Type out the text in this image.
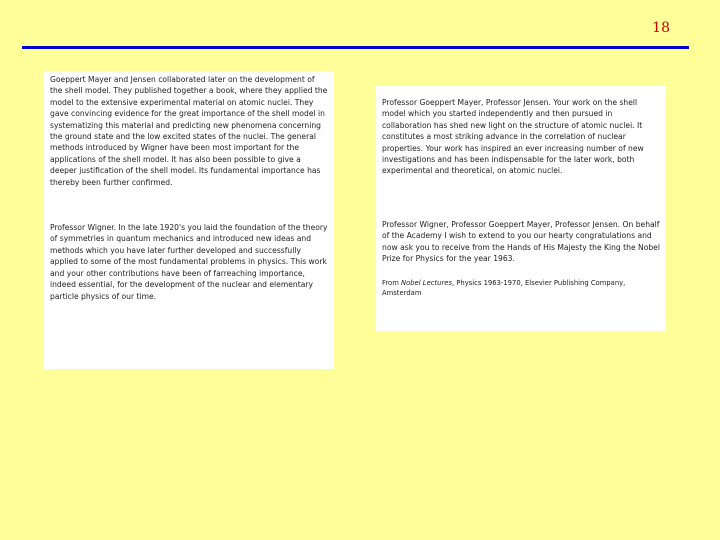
18

Goeppert Mayer and Jensen collaborated later on the development of the shell model. They published together a book, where they applied the model to the extensive experimental material on atomic nuclei. They gave convincing evidence for the great importance of the shell model in systematizing this material and predicting new phenomena concerning the ground state and the low excited states of the nuclei. The general methods introduced by Wigner have been most important for the applications of the shell model. It has also been possible to give a deeper justification of the shell model. Its fundamental importance has thereby been further confirmed.

Professor Wigner. In the late 1920's you laid the foundation of the theory of symmetries in quantum mechanics and introduced new ideas and methods which you have later further developed and successfully applied to some of the most fundamental problems in physics. This work and your other contributions have been of farreaching importance, indeed essential, for the development of the nuclear and elementary particle physics of our time.

Professor Goeppert Mayer, Professor Jensen. Your work on the shell model which you started independently and then pursued in collaboration has shed new light on the structure of atomic nuclei. It constitutes a most striking advance in the correlation of nuclear properties. Your work has inspired an ever increasing number of new investigations and has been indispensable for the later work, both experimental and theoretical, on atomic nuclei.

Professor Wigner, Professor Goeppert Mayer, Professor Jensen. On behalf of the Academy I wish to extend to you our hearty congratulations and now ask you to receive from the Hands of His Majesty the King the Nobel Prize for Physics for the year 1963.

From Nobel Lectures, Physics 1963-1970, Elsevier Publishing Company, Amsterdam
